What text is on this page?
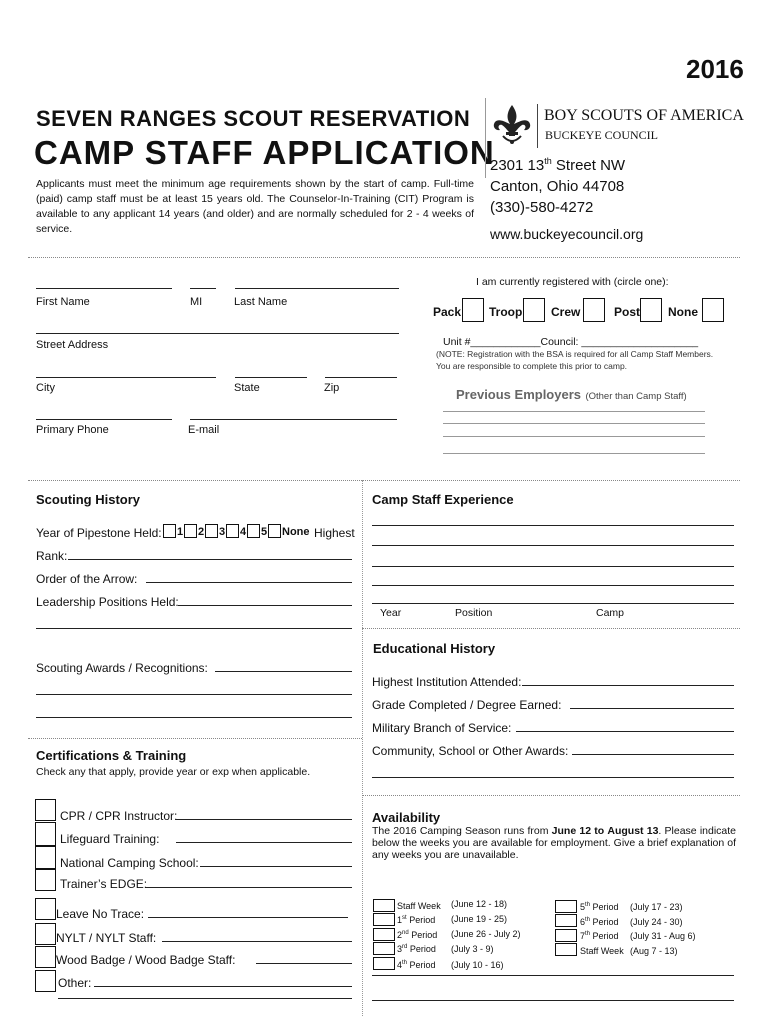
2016
SEVEN RANGES SCOUT RESERVATION
CAMP STAFF APPLICATION
Applicants must meet the minimum age requirements shown by the start of camp. Full-time (paid) camp staff must be at least 15 years old. The Counselor-In-Training (CIT) Program is available to any applicant 14 years (and older) and are normally scheduled for 2 - 4 weeks of service.
BOY SCOUTS OF AMERICA
BUCKEYE COUNCIL
2301 13th Street NW
Canton, Ohio 44708
(330)-580-4272
www.buckeyecouncil.org
First Name	MI	Last Name
Street Address
City	State	Zip
Primary Phone	E-mail
I am currently registered with (circle one):
Pack Troop Crew	Post None
Unit #____________Council: ____________________
(NOTE: Registration with the BSA is required for all Camp Staff Members. You are responsible to complete this prior to camp.
Previous Employers (Other than Camp Staff)
Scouting History
Year of Pipestone Held: 1 2 3 4 5 None Highest
Rank:
Order of the Arrow:
Leadership Positions Held:
Scouting Awards / Recognitions:
Certifications & Training
Check any that apply, provide year or exp when applicable.
CPR / CPR Instructor:
Lifeguard Training:
National Camping School:
Trainer’s EDGE:
Leave No Trace:
NYLT / NYLT Staff:
Wood Badge / Wood Badge Staff:
Other:
Camp Staff Experience
Year	Position	Camp
Educational History
Highest Institution Attended:
Grade Completed / Degree Earned:
Military Branch of Service:
Community, School or Other Awards:
Availability
The 2016 Camping Season runs from June 12 to August 13. Please indicate below the weeks you are available for employment. Give a brief explanation of any weeks you are unavailable.
Staff Week (June 12 - 18)
1st Period (June 19 - 25)
2nd Period (June 26 - July 2)
3rd Period (July 3 - 9)
4th Period (July 10 - 16)
5th Period (July 17 - 23)
6th Period (July 24 - 30)
7th Period (July 31 - Aug 6)
Staff Week (Aug 7 - 13)
